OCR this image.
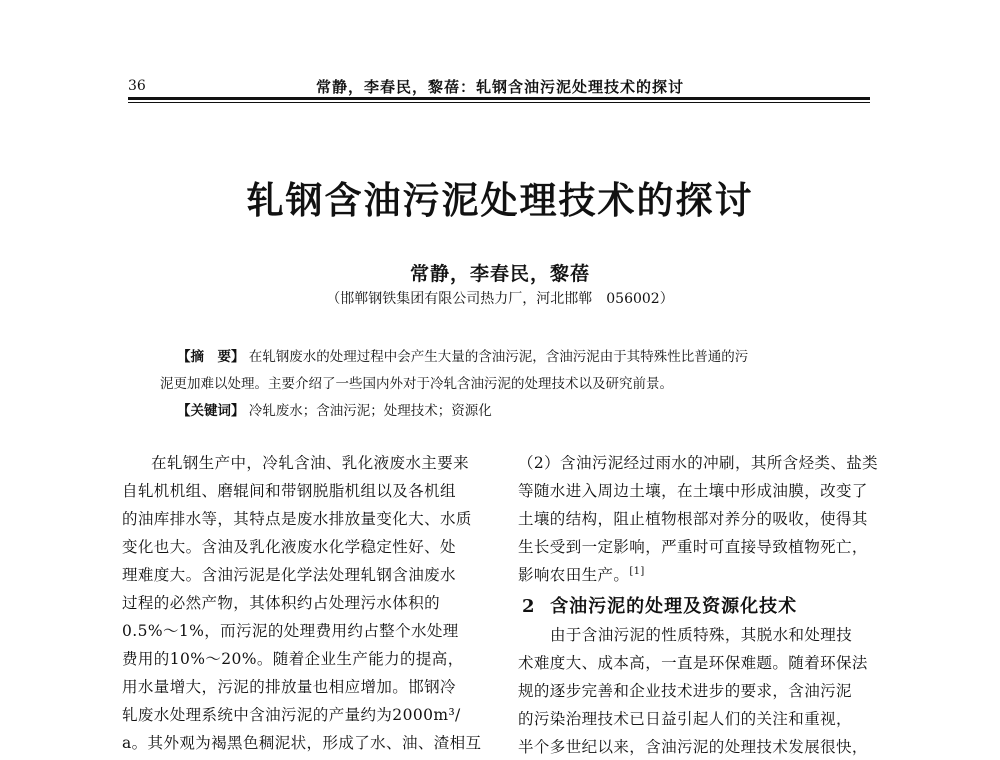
36	常静，李春民，黎蓓：轧钢含油污泥处理技术的探讨
轧钢含油污泥处理技术的探讨
常静，李春民，黎蓓
（邯郸钢铁集团有限公司热力厂，河北邯郸　056002）
【摘　要】 在轧钢废水的处理过程中会产生大量的含油污泥，含油污泥由于其特殊性比普通的污
泥更加难以处理。主要介绍了一些国内外对于冷轧含油污泥的处理技术以及研究前景。
【关键词】 冷轧废水；含油污泥；处理技术；资源化
在轧钢生产中，冷轧含油、乳化液废水主要来
自轧机机组、磨辊间和带钢脱脂机组以及各机组
的油库排水等，其特点是废水排放量变化大、水质
变化也大。含油及乳化液废水化学稳定性好、处
理难度大。含油污泥是化学法处理轧钢含油废水
过程的必然产物，其体积约占处理污水体积的
0.5%～1%，而污泥的处理费用约占整个水处理
费用的10%～20%。随着企业生产能力的提高，
用水量增大，污泥的排放量也相应增加。邯钢冷
轧废水处理系统中含油污泥的产量约为2000m³/
a。其外观为褐黑色稠泥状，形成了水、油、渣相互
（2）含油污泥经过雨水的冲刷，其所含烃类、盐类
等随水进入周边土壤，在土壤中形成油膜，改变了
土壤的结构，阻止植物根部对养分的吸收，使得其
生长受到一定影响，严重时可直接导致植物死亡，
影响农田生产。[1]
2 含油污泥的处理及资源化技术
由于含油污泥的性质特殊，其脱水和处理技
术难度大、成本高，一直是环保难题。随着环保法
规的逐步完善和企业技术进步的要求，含油污泥
的污染治理技术已日益引起人们的关注和重视，
半个多世纪以来，含油污泥的处理技术发展很快，
